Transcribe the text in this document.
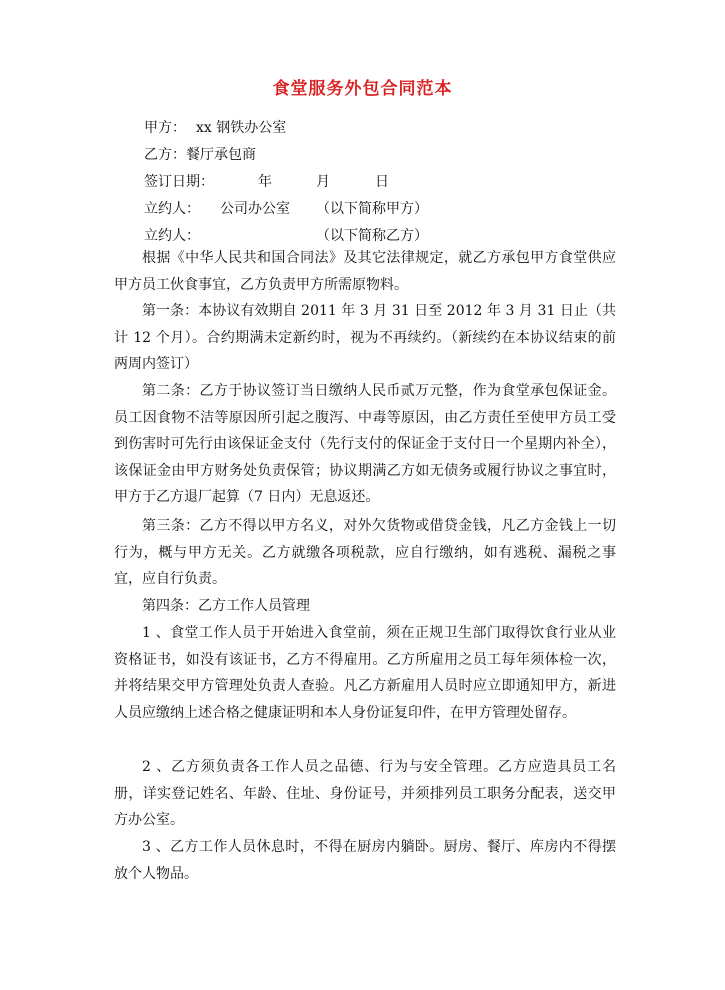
食堂服务外包合同范本
甲方： xx 钢铁办公室
乙方：餐厅承包商
签订日期：	年	月	日
立约人： 公司办公室 （以下简称甲方）
立约人：	（以下简称乙方）
根据《中华人民共和国合同法》及其它法律规定，就乙方承包甲方食堂供应甲方员工伙食事宜，乙方负责甲方所需原物料。
第一条：本协议有效期自 2011 年 3 月 31 日至 2012 年 3 月 31 日止（共计 12 个月）。合约期满未定新约时，视为不再续约。（新续约在本协议结束的前两周内签订）
第二条：乙方于协议签订当日缴纳人民币贰万元整，作为食堂承包保证金。员工因食物不洁等原因所引起之腹泻、中毒等原因，由乙方责任至使甲方员工受到伤害时可先行由该保证金支付（先行支付的保证金于支付日一个星期内补全），该保证金由甲方财务处负责保管；协议期满乙方如无债务或履行协议之事宜时，甲方于乙方退厂起算（7 日内）无息返还。
第三条：乙方不得以甲方名义，对外欠货物或借贷金钱，凡乙方金钱上一切行为，概与甲方无关。乙方就缴各项税款，应自行缴纳，如有逃税、漏税之事宜，应自行负责。
第四条：乙方工作人员管理
1 、食堂工作人员于开始进入食堂前，须在正规卫生部门取得饮食行业从业资格证书，如没有该证书，乙方不得雇用。乙方所雇用之员工每年须体检一次，并将结果交甲方管理处负责人查验。凡乙方新雇用人员时应立即通知甲方，新进人员应缴纳上述合格之健康证明和本人身份证复印件，在甲方管理处留存。
2 、乙方须负责各工作人员之品德、行为与安全管理。乙方应造具员工名册，详实登记姓名、年龄、住址、身份证号，并须排列员工职务分配表，送交甲方办公室。
3 、乙方工作人员休息时，不得在厨房内躺卧。厨房、餐厅、库房内不得摆放个人物品。
